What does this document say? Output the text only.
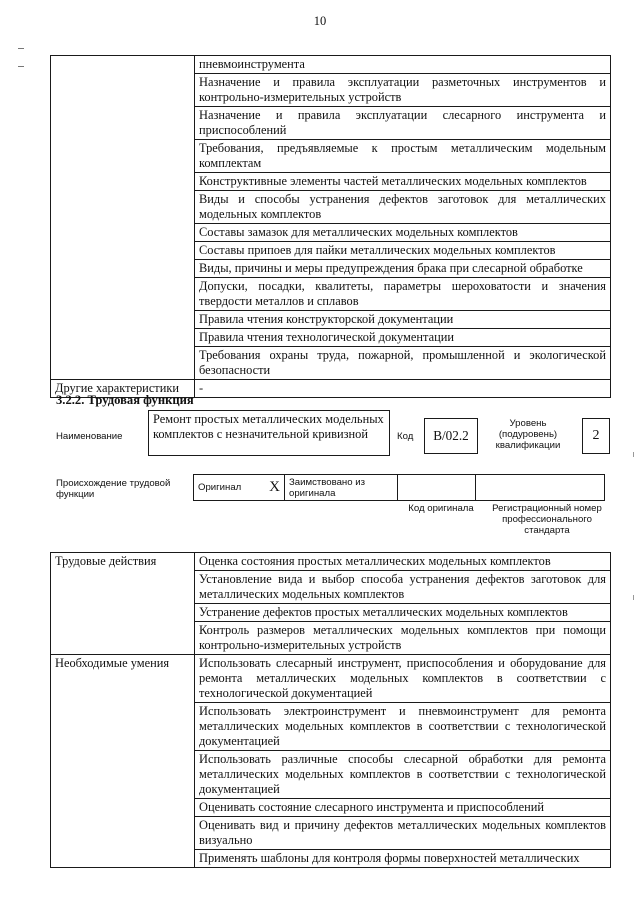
10
	пневмоинструмента
	Назначение и правила эксплуатации разметочных инструментов и контрольно-измерительных устройств
	Назначение и правила эксплуатации слесарного инструмента и приспособлений
	Требования, предъявляемые к простым металлическим модельным комплектам
	Конструктивные элементы частей металлических модельных комплектов
	Виды и способы устранения дефектов заготовок для металлических модельных комплектов
	Составы замазок для металлических модельных комплектов
	Составы припоев для пайки металлических модельных комплектов
	Виды, причины и меры предупреждения брака при слесарной обработке
	Допуски, посадки, квалитеты, параметры шероховатости и значения твердости металлов и сплавов
	Правила чтения конструкторской документации
	Правила чтения технологической документации
	Требования охраны труда, пожарной, промышленной и экологической безопасности
Другие характеристики	-
3.2.2. Трудовая функция
Наименование
Ремонт простых металлических модельных комплектов с незначительной кривизной	Код	B/02.2
Уровень (подуровень) квалификации
2
Происхождение трудовой функции
Оригинал X	Заимствовано из оригинала		
Код оригинала	Регистрационный номер профессионального стандарта
Трудовые действия	Оценка состояния простых металлических модельных комплектов
	Установление вида и выбор способа устранения дефектов заготовок для металлических модельных комплектов
	Устранение дефектов простых металлических модельных комплектов
	Контроль размеров металлических модельных комплектов при помощи контрольно-измерительных устройств
Необходимые умения	Использовать слесарный инструмент, приспособления и оборудование для ремонта металлических модельных комплектов в соответствии с технологической документацией
	Использовать электроинструмент и пневмоинструмент для ремонта металлических модельных комплектов в соответствии с технологической документацией
	Использовать различные способы слесарной обработки для ремонта металлических модельных комплектов в соответствии с технологической документацией
	Оценивать состояние слесарного инструмента и приспособлений
	Оценивать вид и причину дефектов металлических модельных комплектов визуально
	Применять шаблоны для контроля формы поверхностей металлических
